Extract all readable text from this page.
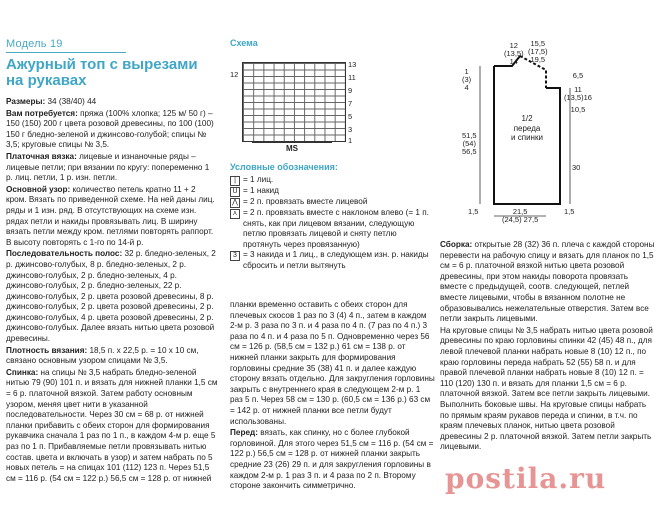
Модель 19
Ажурный топ с вырезами
на рукавах

Размеры: 34 (38/40) 44

Вам потребуется: пряжа (100% хлопка; 125 м/ 50 г) – 150 (150) 200 г цвета розовой древесины, по 100 (100) 150 г бледно-зеленой и джинсово-голубой; спицы № 3,5; круговые спицы № 3,5.

Платочная вязка: лицевые и изнаночные ряды – лицевые петли; при вязании по кругу: попеременно 1 р. лиц. петли, 1 р. изн. петли.

Основной узор: количество петель кратно 11 + 2 кром. Вязать по приведенной схеме. На ней даны лиц. ряды и 1 изн. ряд. В отсутствующих на схеме изн. рядах петли и накиды провязывать лиц. В ширину вязать петли между кром. петлями повторять раппорт. В высоту повторять с 1-го по 14-й р.

Последовательность полос: 32 р. бледно-зеленых, 2 р. джинсово-голубых, 8 р. бледно-зеленых, 2 р. джинсово-голубых, 2 р. бледно-зеленых, 4 р. джинсово-голубых, 2 р. бледно-зеленых, 22 р. джинсово-голубых, 2 р. цвета розовой древесины, 8 р. джинсово-голубых, 2 р. цвета розовой древесины, 2 р. джинсово-голубых, 4 р. цвета розовой древесины, 2 р. джинсово-голубых. Далее вязать нитью цвета розовой древесины.

Плотность вязания: 18,5 п. х 22,5 р. = 10 х 10 см, связано основным узором спицами № 3,5.

Спинка: на спицы № 3,5 набрать бледно-зеленой нитью 79 (90) 101 п. и вязать для нижней планки 1,5 см = 6 р. платочной вязкой. Затем работу основным узором, меняя цвет нити в указанной последовательности. Через 30 см = 68 р. от нижней планки прибавить с обеих сторон для формирования рукавчика сначала 1 раз по 1 п., в каждом 4-м р. еще 5 раз по 1 п. Прибавляемые петли провязывать нитью состав. цвета и включать в узор) и затем набрать по 5 новых петель = на спицах 101 (112) 123 п. Через 51,5 см = 116 р. (54 см = 122 р.) 56,5 см = 128 р. от нижней

Схема
12
13
11
9
7
5
3
1
MS
Условные обозначения:
| = 1 лиц.
U = 1 накид
⋀ = 2 п. провязать вместе лицевой
⋏ = 2 п. провязать вместе с наклоном влево (= 1 п. снять, как при лицевом вязании, следующую петлю провязать лицевой и сняту петлю протянуть через провязанную)
3 = 3 накида и 1 лиц., в следующем изн. р. накиды сбросить и петли вытянуть

планки временно оставить с обеих сторон для плечевых скосов 1 раз по 3 (4) 4 п., затем в каждом 2-м р. 3 раза по 3 п. и 4 раза по 4 п. (7 раз по 4 п.) 3 раза по 4 п. и 4 раза по 5 п. Одновременно через 56 см = 126 р. (58,5 см = 132 р.) 61 см = 138 р. от нижней планки закрыть для формирования горловины средние 35 (38) 41 п. и далее каждую сторону вязать отдельно. Для закругления горловины закрыть с внутреннего края в следующем 2-м р. 1 раз 5 п. Через 58 см = 130 р. (60,5 см = 136 р.) 63 см = 142 р. от нижней планки все петли будут использованы.

Перед: вязать, как спинку, но с более глубокой горловиной. Для этого через 51,5 см = 116 р. (54 см = 122 р.) 56,5 см = 128 р. от нижней планки закрыть средние 23 (26) 29 п. и для закругления горловины в каждом 2-м р. 1 раз 3 п. и 4 раза по 2 п. Второму стороне закончить симметрично.

12
(13,5)
14
15,5
(17,5)
19,5
1
(3)
4
6,5
11
(13,5)16
10,5
51,5
(54)
56,5
1/2
переда
и спинки
30
21,5
(24,5) 27,5
1,5	1,5

Сборка: открытые 28 (32) 36 п. плеча с каждой стороны перевести на рабочую спицу и вязать для планок по 1,5 см = 6 р. платочной вязкой нитью цвета розовой древесины, при этом накиды поворота провязать вместе с предыдущей, соотв. следующей, петлей вместе лицевыми, чтобы в вязанном полотне не образовывались нежелательные отверстия. Затем все петли закрыть лицевыми.

На круговые спицы № 3,5 набрать нитью цвета розовой древесины по краю горловины спинки 42 (45) 48 п., для левой плечевой планки набрать новые 8 (10) 12 п., по краю горловины переда набрать 52 (55) 58 п. и для правой плечевой планки набрать новые 8 (10) 12 п. = 110 (120) 130 п. и вязать для планки 1,5 см = 6 р. платочной вязкой. Затем все петли закрыть лицевыми. Выполнить боковые швы. На круговые спицы набрать по прямым краям рукавов переда и спинки, в т.ч. по краям плечевых планок, нитью цвета розовой древесины 2 р. платочной вязкой. Затем петли закрыть лицевыми.

postila.ru
